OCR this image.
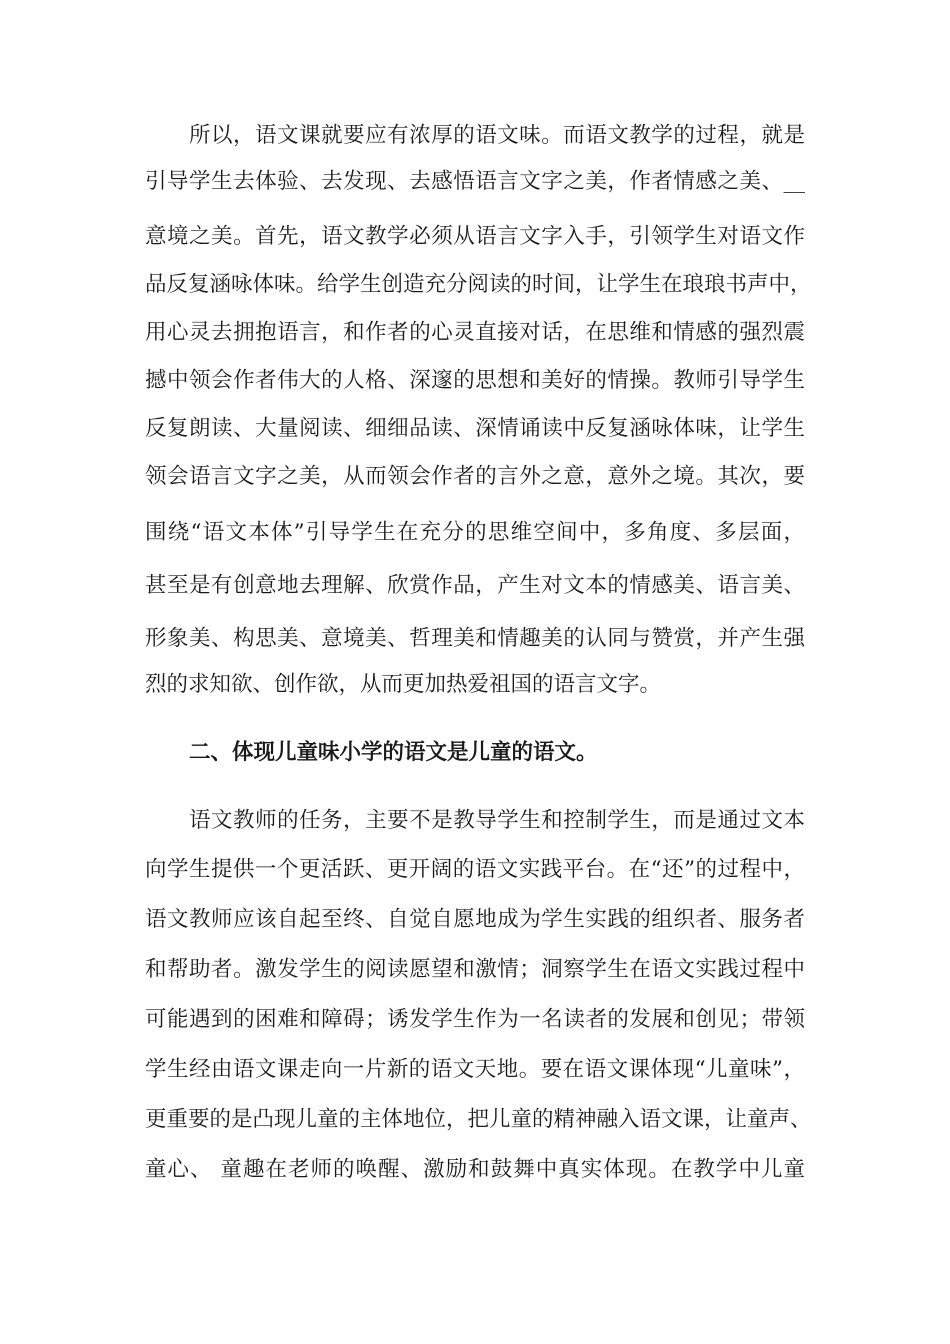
所以，语文课就要应有浓厚的语文味。而语文教学的过程，就是
引导学生去体验、去发现、去感悟语言文字之美，作者情感之美、__
意境之美。首先，语文教学必须从语言文字入手，引领学生对语文作
品反复涵咏体味。给学生创造充分阅读的时间，让学生在琅琅书声中，
用心灵去拥抱语言，和作者的心灵直接对话，在思维和情感的强烈震
撼中领会作者伟大的人格、深邃的思想和美好的情操。教师引导学生
反复朗读、大量阅读、细细品读、深情诵读中反复涵咏体味，让学生
领会语言文字之美，从而领会作者的言外之意，意外之境。其次，要
围绕“语文本体”引导学生在充分的思维空间中，多角度、多层面，
甚至是有创意地去理解、欣赏作品，产生对文本的情感美、语言美、
形象美、构思美、意境美、哲理美和情趣美的认同与赞赏，并产生强
烈的求知欲、创作欲，从而更加热爱祖国的语言文字。
二、体现儿童味小学的语文是儿童的语文。
语文教师的任务，主要不是教导学生和控制学生，而是通过文本
向学生提供一个更活跃、更开阔的语文实践平台。在“还”的过程中，
语文教师应该自起至终、自觉自愿地成为学生实践的组织者、服务者
和帮助者。激发学生的阅读愿望和激情；洞察学生在语文实践过程中
可能遇到的困难和障碍；诱发学生作为一名读者的发展和创见；带领
学生经由语文课走向一片新的语文天地。要在语文课体现“儿童味”，
更重要的是凸现儿童的主体地位，把儿童的精神融入语文课，让童声、
童心、 童趣在老师的唤醒、激励和鼓舞中真实体现。在教学中儿童
